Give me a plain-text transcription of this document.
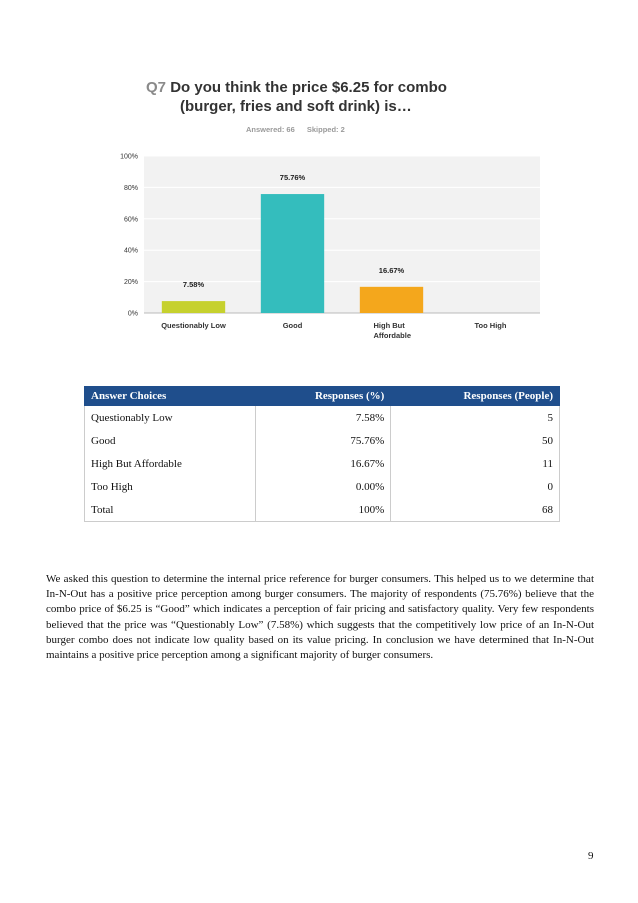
Q7 Do you think the price $6.25 for combo
(burger, fries and soft drink) is…
Answered: 66 Skipped: 2
0%
20%
40%
60%
80%
100%
7.58%
Questionably Low
75.76%
Good
16.67%
High But Affordable
Too High
Answer Choices	Responses (%)	Responses (People)
Questionably Low	7.58%	5
Good	75.76%	50
High But Affordable	16.67%	11
Too High	0.00%	0
Total	100%	68
We asked this question to determine the internal price reference for burger consumers. This helped us to we determine that In-N-Out has a positive price perception among burger consumers. The majority of respondents (75.76%) believe that the combo price of $6.25 is “Good” which indicates a perception of fair pricing and satisfactory quality. Very few respondents believed that the price was “Questionably Low” (7.58%) which suggests that the competitively low price of an In-N-Out burger combo does not indicate low quality based on its value pricing. In conclusion we have determined that In-N-Out maintains a positive price perception among a significant majority of burger consumers.
9
